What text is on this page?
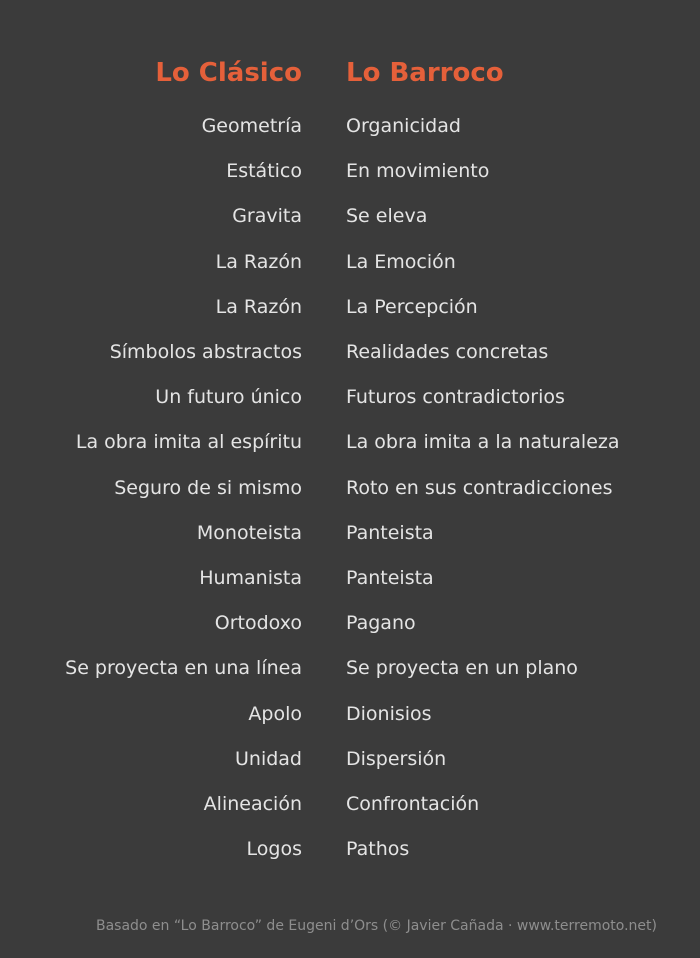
Lo Clásico Lo Barroco
Geometría Organicidad
Estático En movimiento
Gravita Se eleva
La Razón La Emoción
La Razón La Percepción
Símbolos abstractos Realidades concretas
Un futuro único Futuros contradictorios
La obra imita al espíritu La obra imita a la naturaleza
Seguro de si mismo Roto en sus contradicciones
Monoteista Panteista
Humanista Panteista
Ortodoxo Pagano
Se proyecta en una línea Se proyecta en un plano
Apolo Dionisios
Unidad Dispersión
Alineación Confrontación
Logos Pathos
Basado en “Lo Barroco” de Eugeni d’Ors (© Javier Cañada · www.terremoto.net)
